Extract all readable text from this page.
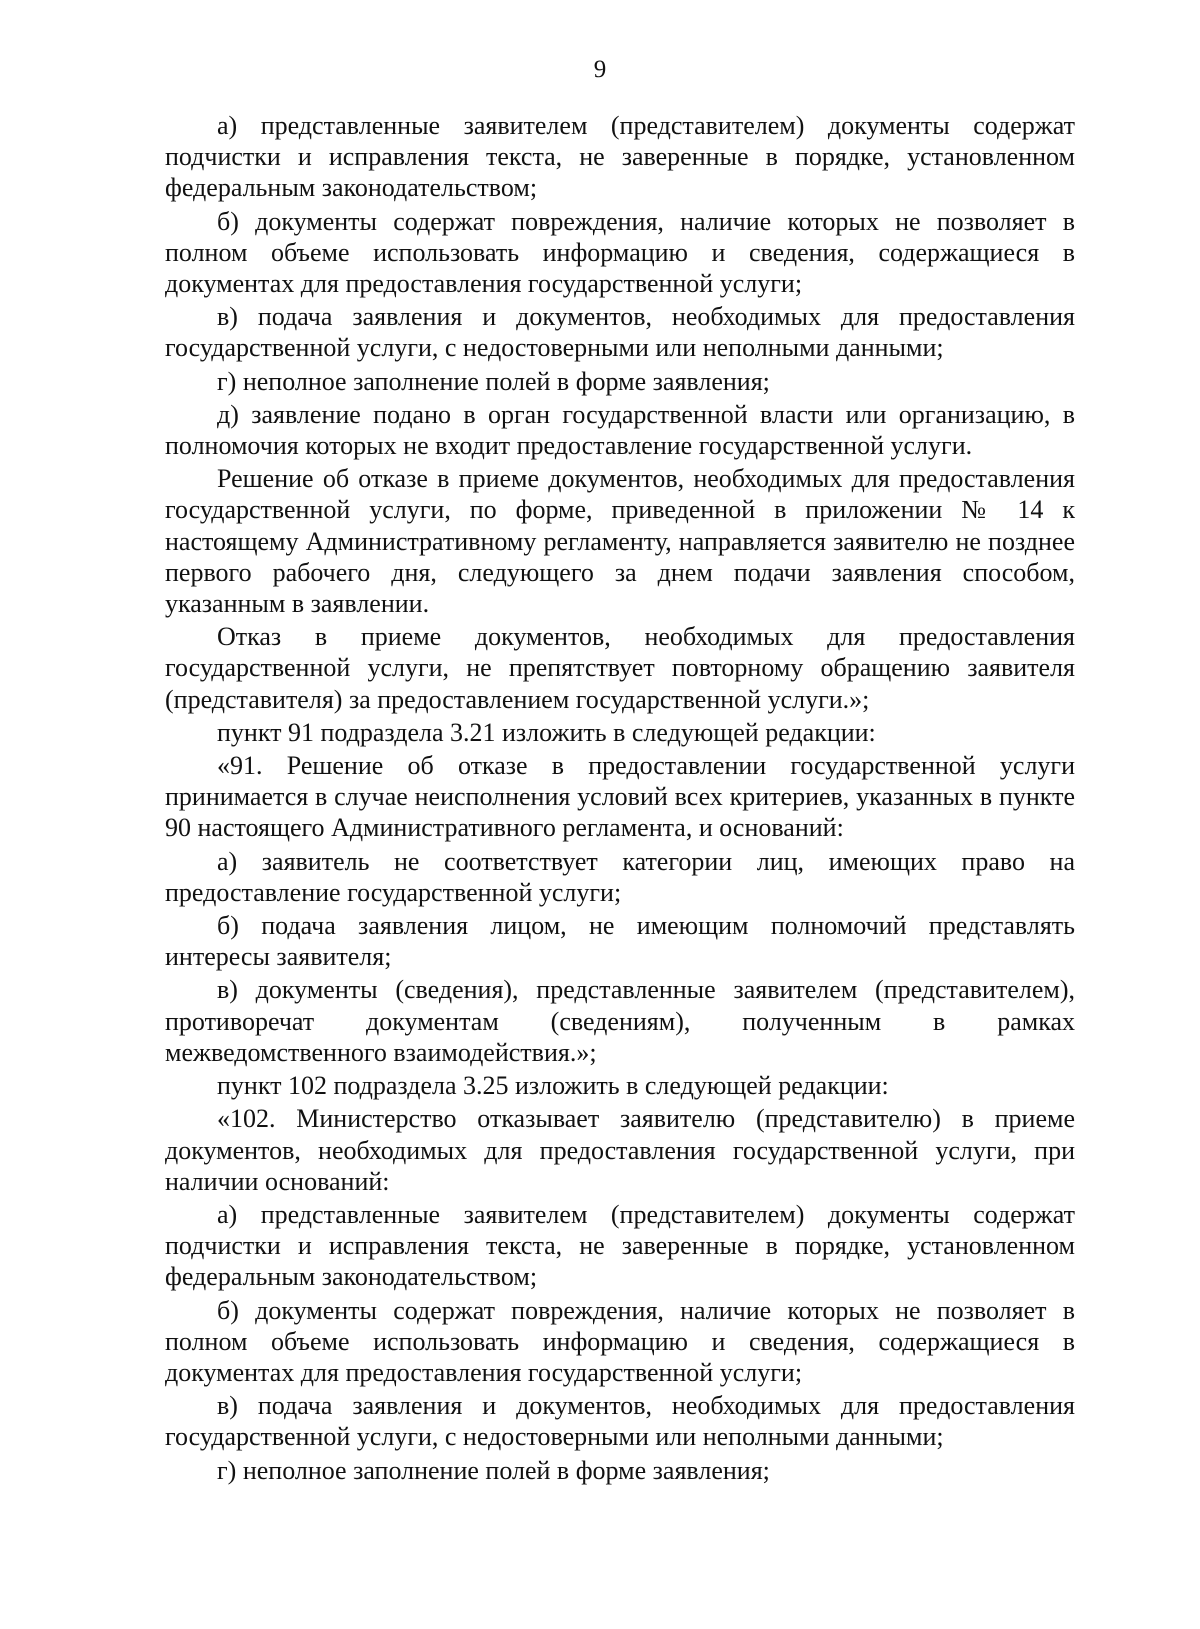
9

а) представленные заявителем (представителем) документы содержат подчистки и исправления текста, не заверенные в порядке, установленном федеральным законодательством;

б) документы содержат повреждения, наличие которых не позволяет в полном объеме использовать информацию и сведения, содержащиеся в документах для предоставления государственной услуги;

в) подача заявления и документов, необходимых для предоставления государственной услуги, с недостоверными или неполными данными;

г) неполное заполнение полей в форме заявления;

д) заявление подано в орган государственной власти или организацию, в полномочия которых не входит предоставление государственной услуги.

Решение об отказе в приеме документов, необходимых для предоставления государственной услуги, по форме, приведенной в приложении № 14 к настоящему Административному регламенту, направляется заявителю не позднее первого рабочего дня, следующего за днем подачи заявления способом, указанным в заявлении.

Отказ в приеме документов, необходимых для предоставления государственной услуги, не препятствует повторному обращению заявителя (представителя) за предоставлением государственной услуги.»;

пункт 91 подраздела 3.21 изложить в следующей редакции:

«91. Решение об отказе в предоставлении государственной услуги принимается в случае неисполнения условий всех критериев, указанных в пункте 90 настоящего Административного регламента, и оснований:

а) заявитель не соответствует категории лиц, имеющих право на предоставление государственной услуги;

б) подача заявления лицом, не имеющим полномочий представлять интересы заявителя;

в) документы (сведения), представленные заявителем (представителем), противоречат документам (сведениям), полученным в рамках межведомственного взаимодействия.»;

пункт 102 подраздела 3.25 изложить в следующей редакции:

«102. Министерство отказывает заявителю (представителю) в приеме документов, необходимых для предоставления государственной услуги, при наличии оснований:

а) представленные заявителем (представителем) документы содержат подчистки и исправления текста, не заверенные в порядке, установленном федеральным законодательством;

б) документы содержат повреждения, наличие которых не позволяет в полном объеме использовать информацию и сведения, содержащиеся в документах для предоставления государственной услуги;

в) подача заявления и документов, необходимых для предоставления государственной услуги, с недостоверными или неполными данными;

г) неполное заполнение полей в форме заявления;
